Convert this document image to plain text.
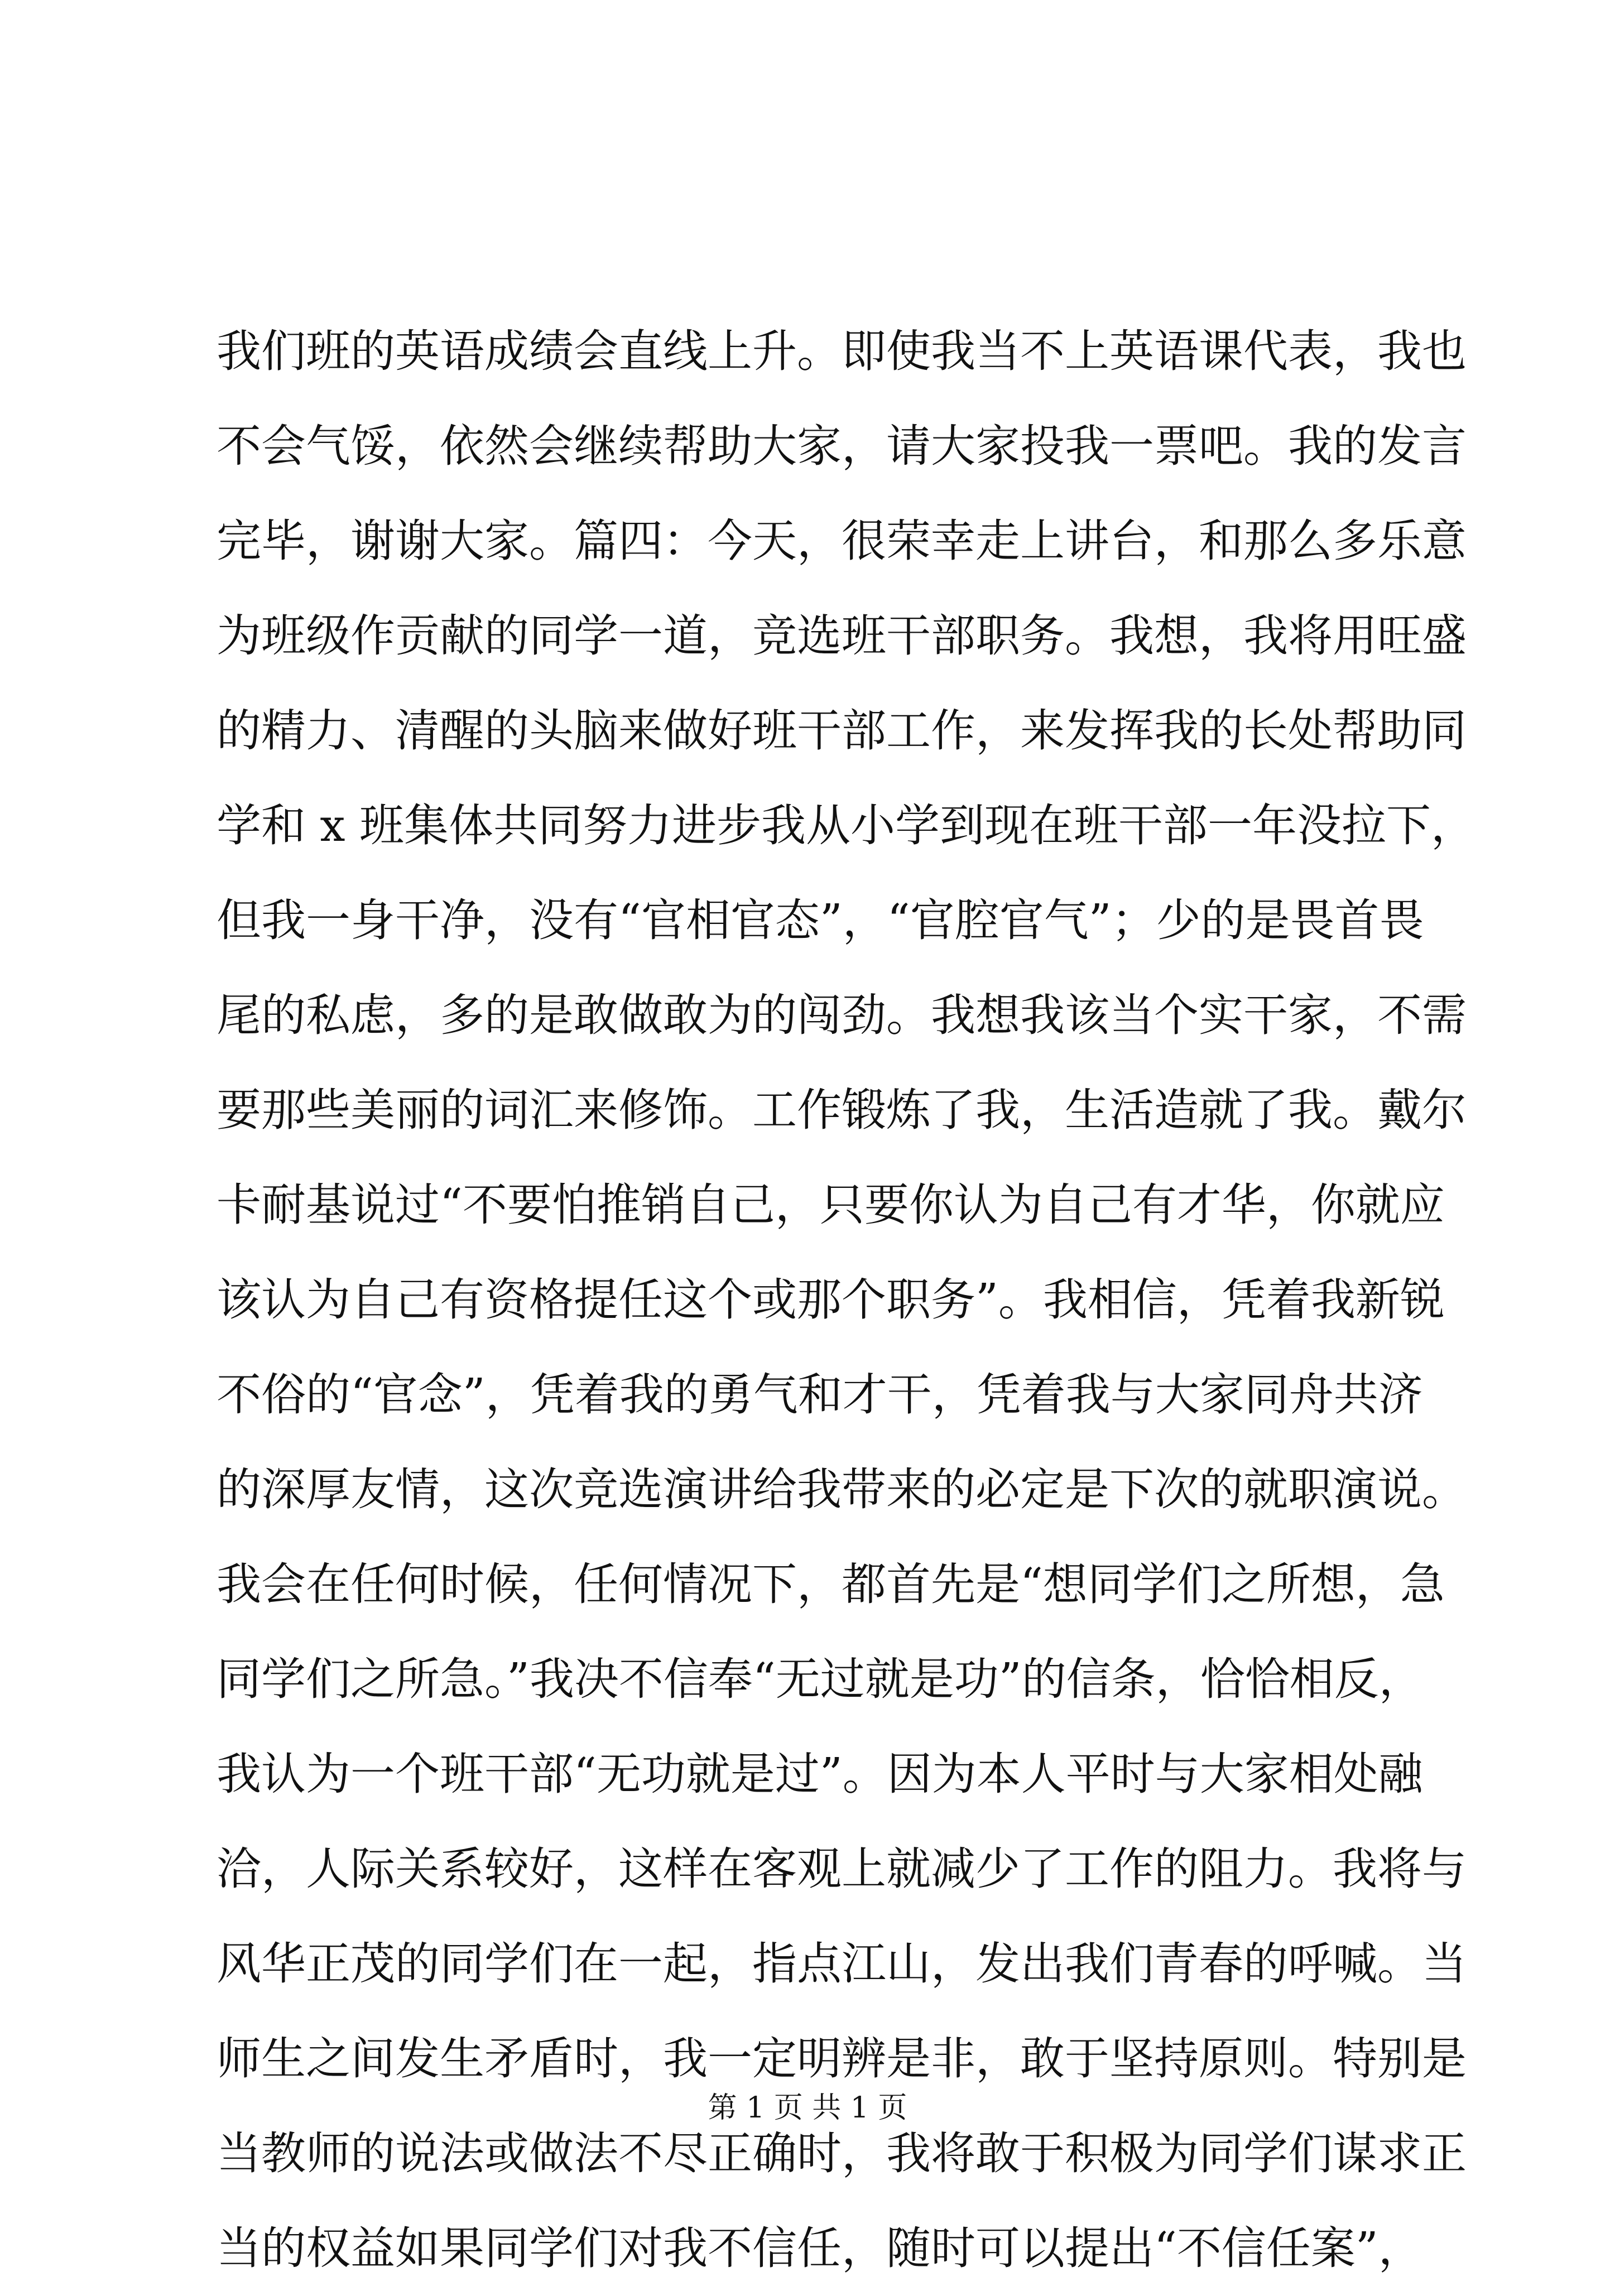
我们班的英语成绩会直线上升。即使我当不上英语课代表，我也
不会气馁，依然会继续帮助大家，请大家投我一票吧。我的发言
完毕，谢谢大家。篇四：今天，很荣幸走上讲台，和那么多乐意
为班级作贡献的同学一道，竞选班干部职务。我想，我将用旺盛
的精力、清醒的头脑来做好班干部工作，来发挥我的长处帮助同
学和 x 班集体共同努力进步我从小学到现在班干部一年没拉下，
但我一身干净，没有“官相官态”，“官腔官气”；少的是畏首畏
尾的私虑，多的是敢做敢为的闯劲。我想我该当个实干家，不需
要那些美丽的词汇来修饰。工作锻炼了我，生活造就了我。戴尔
卡耐基说过“不要怕推销自己，只要你认为自己有才华，你就应
该认为自己有资格提任这个或那个职务”。我相信，凭着我新锐
不俗的“官念”，凭着我的勇气和才干，凭着我与大家同舟共济
的深厚友情，这次竞选演讲给我带来的必定是下次的就职演说。
我会在任何时候，任何情况下，都首先是“想同学们之所想，急
同学们之所急。”我决不信奉“无过就是功”的信条，恰恰相反，
我认为一个班干部“无功就是过”。因为本人平时与大家相处融
洽，人际关系较好，这样在客观上就减少了工作的阻力。我将与
风华正茂的同学们在一起，指点江山，发出我们青春的呼喊。当
师生之间发生矛盾时，我一定明辨是非，敢于坚持原则。特别是
当教师的说法或做法不尽正确时，我将敢于积极为同学们谋求正
当的权益如果同学们对我不信任，随时可以提出“不信任案”，
第 1 页 共 1 页
